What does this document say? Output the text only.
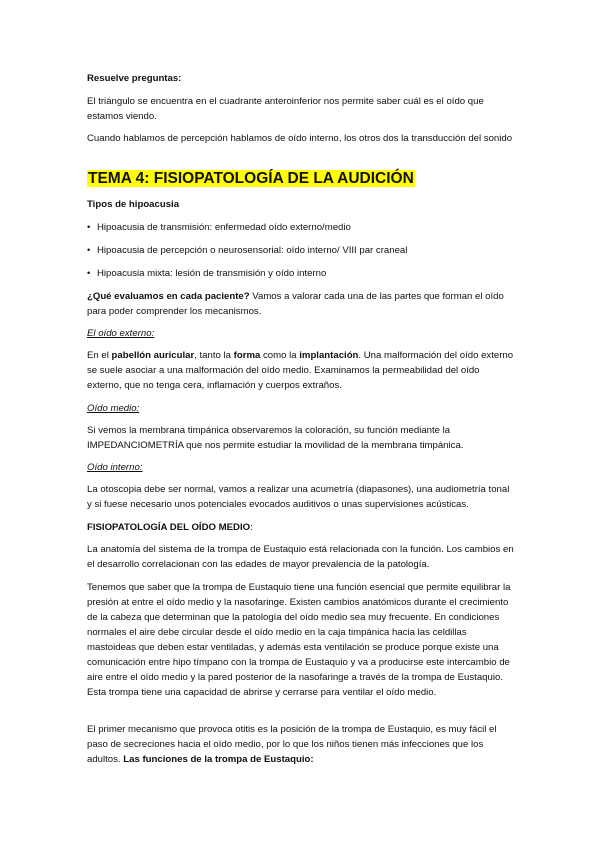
Resuelve preguntas:
El triángulo se encuentra en el cuadrante anteroinferior nos permite saber cuál es el oído que estamos viendo.
Cuando hablamos de percepción hablamos de oído interno, los otros dos la transducción del sonido
TEMA 4: FISIOPATOLOGÍA DE LA AUDICIÓN
Tipos de hipoacusia
• Hipoacusia de transmisión: enfermedad oído externo/medio
• Hipoacusia de percepción o neurosensorial: oído interno/ VIII par craneal
• Hipoacusia mixta: lesión de transmisión y oído interno
¿Qué evaluamos en cada paciente? Vamos a valorar cada una de las partes que forman el oído para poder comprender los mecanismos.
El oído externo:
En el pabellón auricular, tanto la forma como la implantación. Una malformación del oído externo se suele asociar a una malformación del oído medio. Examinamos la permeabilidad del oído externo, que no tenga cera, inflamación y cuerpos extraños.
Oído medio:
Si vemos la membrana timpánica observaremos la coloración, su función mediante la IMPEDANCIOMETRÍA que nos permite estudiar la movilidad de la membrana timpánica.
Oído interno:
La otoscopia debe ser normal, vamos a realizar una acumetría (diapasones), una audiometría tonal y si fuese necesario unos potenciales evocados auditivos o unas supervisiones acústicas.
FISIOPATOLOGÍA DEL OÍDO MEDIO:
La anatomía del sistema de la trompa de Eustaquio está relacionada con la función. Los cambios en el desarrollo correlacionan con las edades de mayor prevalencia de la patología.
Tenemos que saber que la trompa de Eustaquio tiene una función esencial que permite equilibrar la presión at entre el oído medio y la nasofaringe. Existen cambios anatómicos durante el crecimiento de la cabeza que determinan que la patología del oído medio sea muy frecuente. En condiciones normales el aire debe circular desde el oído medio en la caja timpánica hacia las celdillas mastoideas que deben estar ventiladas, y además esta ventilación se produce porque existe una comunicación entre hipo tímpano con la trompa de Eustaquio y va a producirse este intercambio de aire entre el oído medio y la pared posterior de la nasofaringe a través de la trompa de Eustaquio. Esta trompa tiene una capacidad de abrirse y cerrarse para ventilar el oído medio.
El primer mecanismo que provoca otitis es la posición de la trompa de Eustaquio, es muy fácil el paso de secreciones hacia el oído medio, por lo que los niños tienen más infecciones que los adultos. Las funciones de la trompa de Eustaquio:
